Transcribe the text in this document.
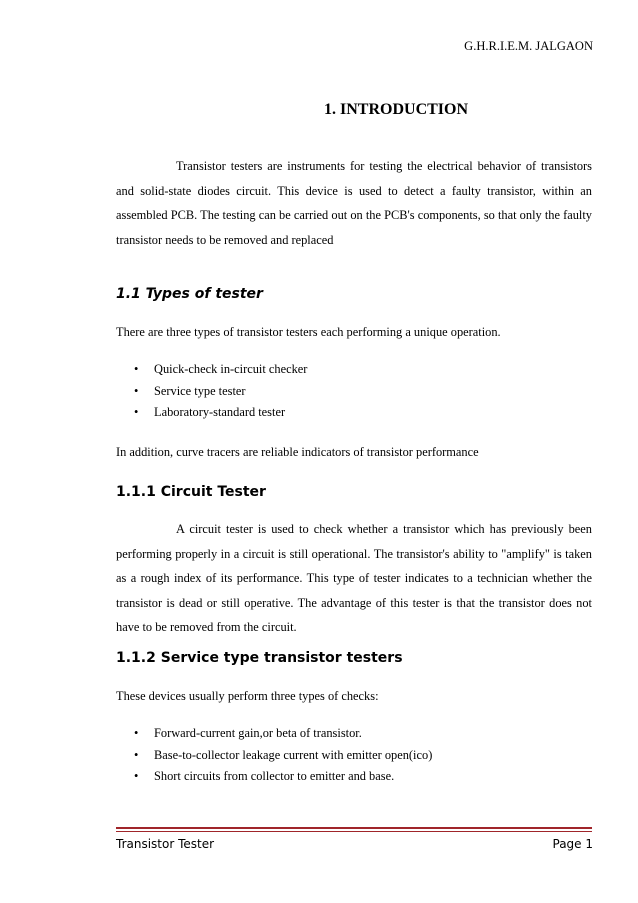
G.H.R.I.E.M. JALGAON
1. INTRODUCTION
Transistor testers are instruments for testing the electrical behavior of transistors and solid-state diodes circuit. This device is used to detect a faulty transistor, within an assembled PCB. The testing can be carried out on the PCB's components, so that only the faulty transistor needs to be removed and replaced
1.1 Types of tester
There are three types of transistor testers each performing a unique operation.
• Quick-check in-circuit checker
• Service type tester
• Laboratory-standard tester
In addition, curve tracers are reliable indicators of transistor performance
1.1.1 Circuit Tester
A circuit tester is used to check whether a transistor which has previously been performing properly in a circuit is still operational. The transistor's ability to "amplify" is taken as a rough index of its performance. This type of tester indicates to a technician whether the transistor is dead or still operative. The advantage of this tester is that the transistor does not have to be removed from the circuit.
1.1.2 Service type transistor testers
These devices usually perform three types of checks:
• Forward-current gain,or beta of transistor.
• Base-to-collector leakage current with emitter open(ico)
• Short circuits from collector to emitter and base.
Transistor Tester	Page 1
